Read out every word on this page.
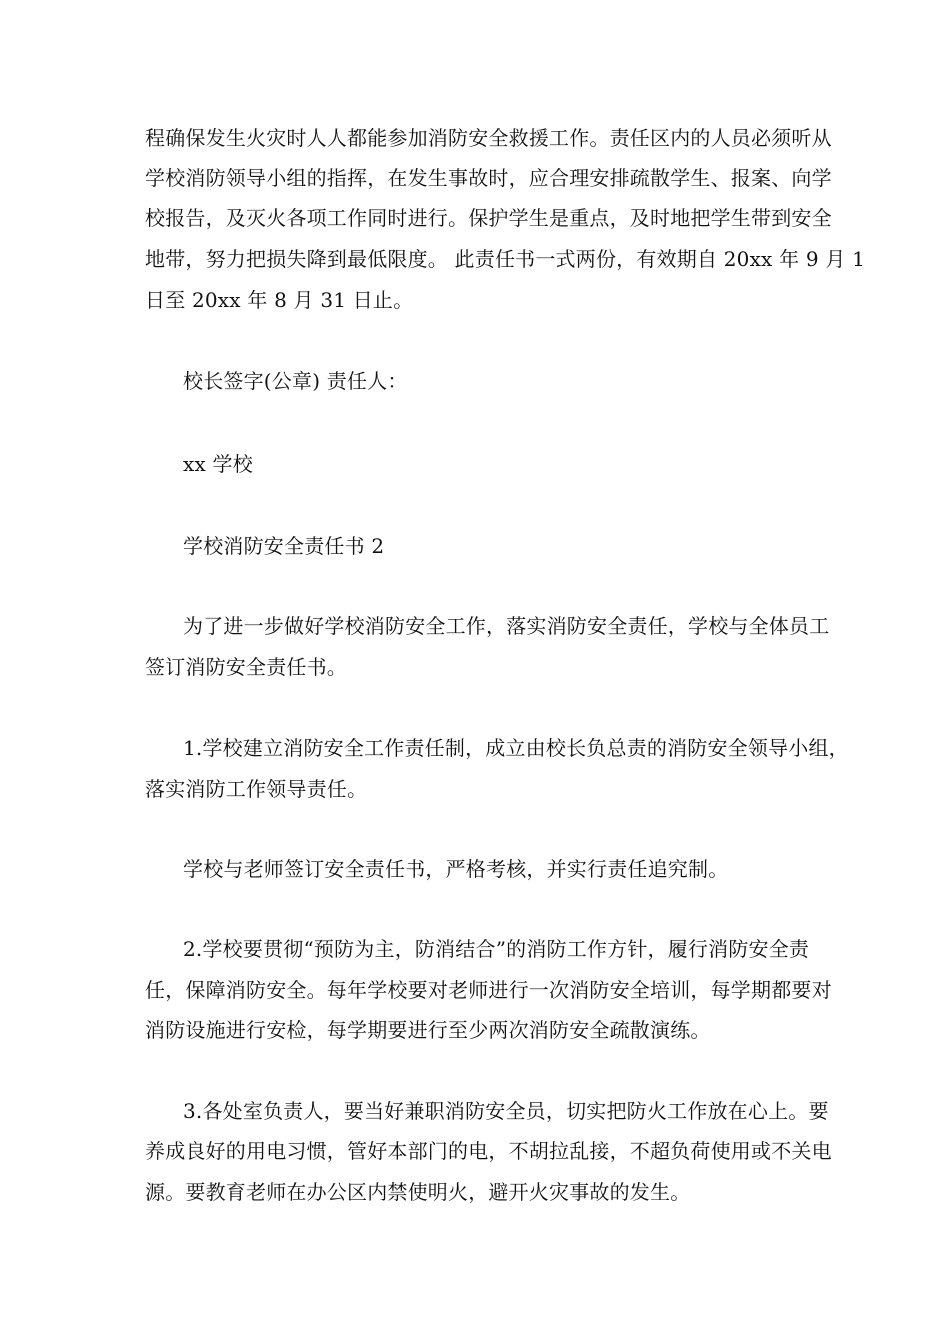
程确保发生火灾时人人都能参加消防安全救援工作。责任区内的人员必须听从
学校消防领导小组的指挥，在发生事故时，应合理安排疏散学生、报案、向学
校报告，及灭火各项工作同时进行。保护学生是重点，及时地把学生带到安全
地带，努力把损失降到最低限度。 此责任书一式两份，有效期自 20xx 年 9 月 1
日至 20xx 年 8 月 31 日止。
校长签字(公章) 责任人：
xx 学校
学校消防安全责任书 2
为了进一步做好学校消防安全工作，落实消防安全责任，学校与全体员工
签订消防安全责任书。
1.学校建立消防安全工作责任制，成立由校长负总责的消防安全领导小组，
落实消防工作领导责任。
学校与老师签订安全责任书，严格考核，并实行责任追究制。
2.学校要贯彻“预防为主，防消结合”的消防工作方针，履行消防安全责
任，保障消防安全。每年学校要对老师进行一次消防安全培训，每学期都要对
消防设施进行安检，每学期要进行至少两次消防安全疏散演练。
3.各处室负责人，要当好兼职消防安全员，切实把防火工作放在心上。要
养成良好的用电习惯，管好本部门的电，不胡拉乱接，不超负荷使用或不关电
源。要教育老师在办公区内禁使明火，避开火灾事故的发生。
